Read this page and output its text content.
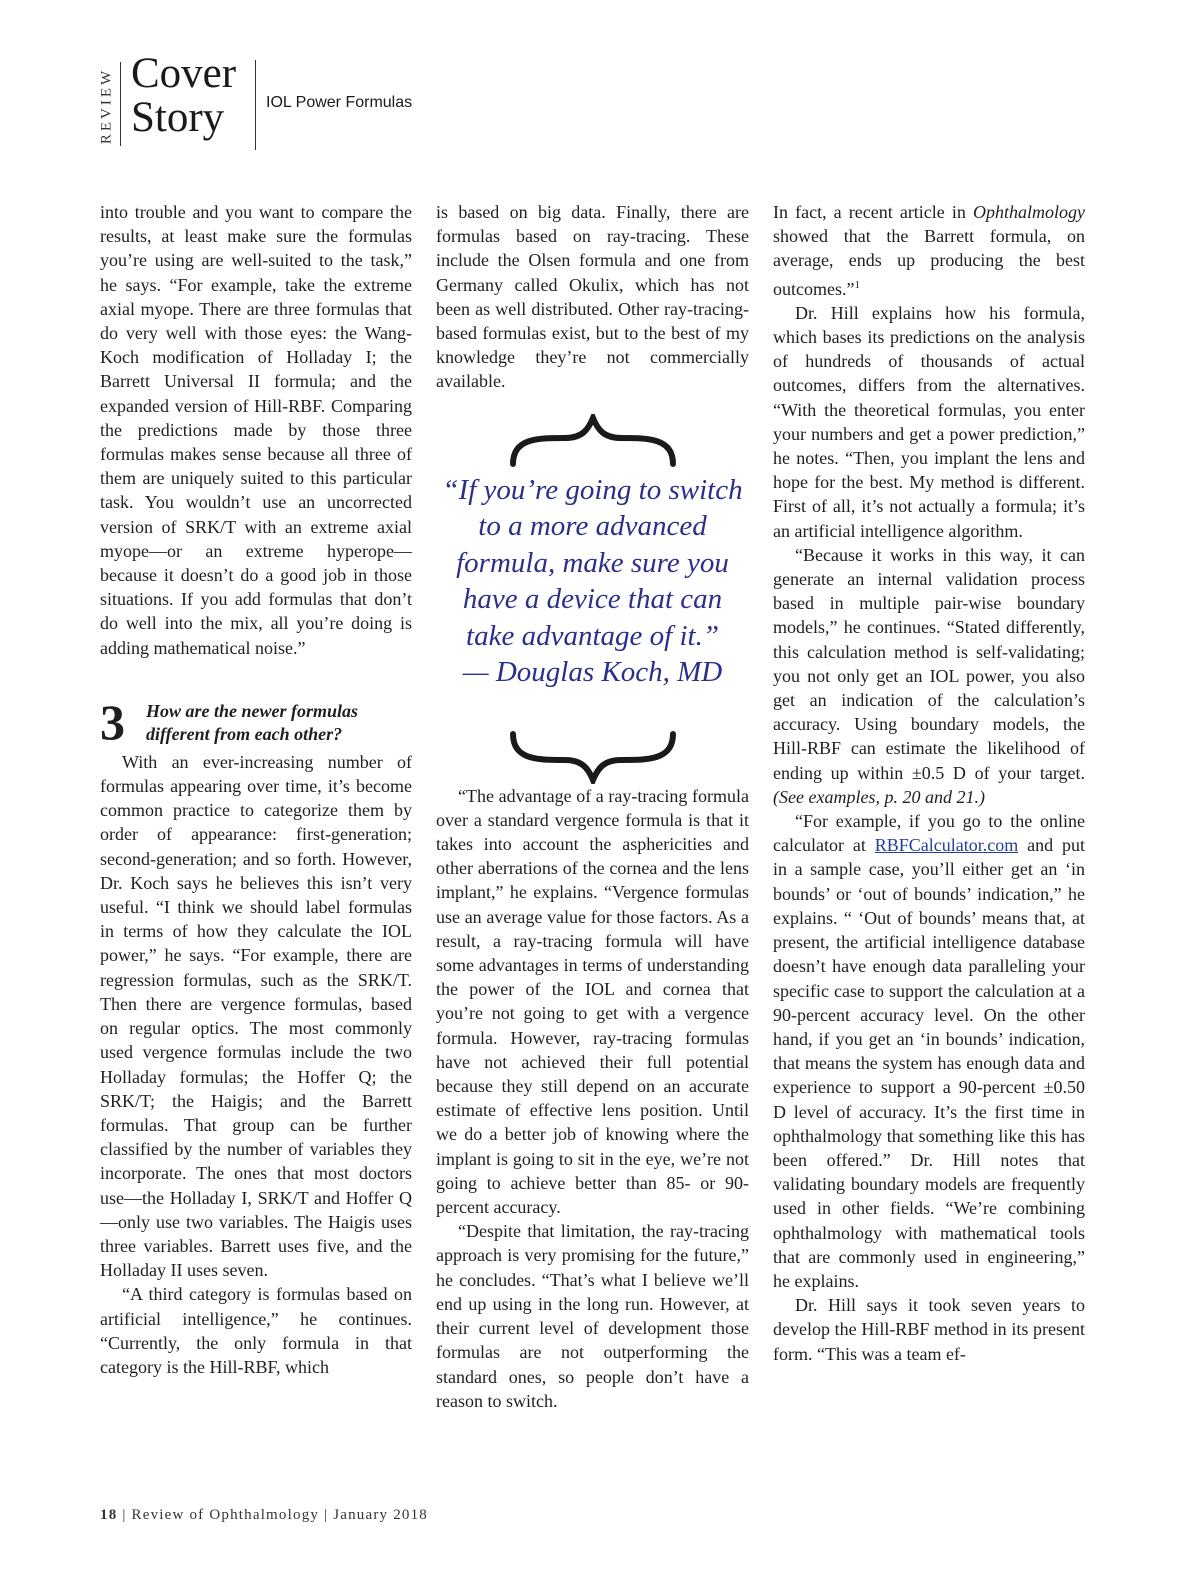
REVIEW Cover
Story	IOL Power Formulas

into trouble and you want to compare the results, at least make sure the formulas you’re using are well-suited to the task,” he says. “For example, take the extreme axial myope. There are three formulas that do very well with those eyes: the Wang-Koch modification of Holladay I; the Barrett Universal II formula; and the expanded version of Hill-RBF. Comparing the predictions made by those three formulas makes sense because all three of them are uniquely suited to this particular task. You wouldn’t use an uncorrected version of SRK/T with an extreme axial myope—or an extreme hyperope—because it doesn’t do a good job in those situations. If you add formulas that don’t do well into the mix, all you’re doing is adding mathematical noise.”

3 How are the newer formulas different from each other?

With an ever-increasing number of formulas appearing over time, it’s become common practice to categorize them by order of appearance: first-generation; second-generation; and so forth. However, Dr. Koch says he believes this isn’t very useful. “I think we should label formulas in terms of how they calculate the IOL power,” he says. “For example, there are regression formulas, such as the SRK/T. Then there are vergence formulas, based on regular optics. The most commonly used vergence formulas include the two Holladay formulas; the Hoffer Q; the SRK/T; the Haigis; and the Barrett formulas. That group can be further classified by the number of variables they incorporate. The ones that most doctors use—the Holladay I, SRK/T and Hoffer Q—only use two variables. The Haigis uses three variables. Barrett uses five, and the Holladay II uses seven.

“A third category is formulas based on artificial intelligence,” he continues. “Currently, the only formula in that category is the Hill-RBF, which

is based on big data. Finally, there are formulas based on ray-tracing. These include the Olsen formula and one from Germany called Okulix, which has not been as well distributed. Other ray-tracing-based formulas exist, but to the best of my knowledge they’re not commercially available.

“If you’re going to switch to a more advanced formula, make sure you have a device that can take advantage of it.”
— Douglas Koch, MD

“The advantage of a ray-tracing formula over a standard vergence formula is that it takes into account the asphericities and other aberrations of the cornea and the lens implant,” he explains. “Vergence formulas use an average value for those factors. As a result, a ray-tracing formula will have some advantages in terms of understanding the power of the IOL and cornea that you’re not going to get with a vergence formula. However, ray-tracing formulas have not achieved their full potential because they still depend on an accurate estimate of effective lens position. Until we do a better job of knowing where the implant is going to sit in the eye, we’re not going to achieve better than 85- or 90-percent accuracy.

“Despite that limitation, the ray-tracing approach is very promising for the future,” he concludes. “That’s what I believe we’ll end up using in the long run. However, at their current level of development those formulas are not outperforming the standard ones, so people don’t have a reason to switch.

In fact, a recent article in Ophthalmology showed that the Barrett formula, on average, ends up producing the best outcomes.”$^1$

Dr. Hill explains how his formula, which bases its predictions on the analysis of hundreds of thousands of actual outcomes, differs from the alternatives. “With the theoretical formulas, you enter your numbers and get a power prediction,” he notes. “Then, you implant the lens and hope for the best. My method is different. First of all, it’s not actually a formula; it’s an artificial intelligence algorithm.

“Because it works in this way, it can generate an internal validation process based in multiple pair-wise boundary models,” he continues. “Stated differently, this calculation method is self-validating; you not only get an IOL power, you also get an indication of the calculation’s accuracy. Using boundary models, the Hill-RBF can estimate the likelihood of ending up within ±0.5 D of your target. (See examples, p. 20 and 21.)

“For example, if you go to the online calculator at RBFCalculator.com and put in a sample case, you’ll either get an ‘in bounds’ or ‘out of bounds’ indication,” he explains. “ ‘Out of bounds’ means that, at present, the artificial intelligence database doesn’t have enough data paralleling your specific case to support the calculation at a 90-percent accuracy level. On the other hand, if you get an ‘in bounds’ indication, that means the system has enough data and experience to support a 90-percent ±0.50 D level of accuracy. It’s the first time in ophthalmology that something like this has been offered.” Dr. Hill notes that validating boundary models are frequently used in other fields. “We’re combining ophthalmology with mathematical tools that are commonly used in engineering,” he explains.

Dr. Hill says it took seven years to develop the Hill-RBF method in its present form. “This was a team ef-

18 | Review of Ophthalmology | January 2018
